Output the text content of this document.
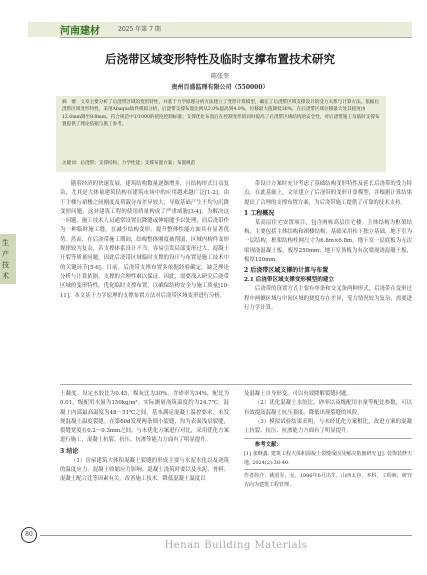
河南建材	2025 年第 7 期
生产技术
后浇带区域变形特性及临时支撑布置技术研究
陈张奎
贵州百盛监理有限公司（550000）

摘　要：文章主要分析了后浇带区域的变形特性，并基于力学原理分析方法建立了变形计算模型，确定了后浇带区域支撑设计的受力关系与计算方法。依据后浇带区域变形特性，采用Abaqus软件模拟分析，后浇带支撑布置比例从2.0%提高到4.0%，位移最大值降低30%，在后浇带区域位移最大处其挠度由12.6mm降至8.8mm，符合规范中1/1000的挠度控制标准；支撑优化布置后在控制变形的同时提高了后浇带区域结构的安全性，对后浇带施工及临时支撑布置提供了理论依据与施工参考。

关键词：后浇带；支撑结构；力学性能；支撑布置方案；布置规范

随着经济的快速发展，建筑结构数量逐渐增多，且结构形式日益复杂，尤其是大体量建筑结构在建筑市场中的应用越来越广泛[1-2]。由于主楼与裙楼之间刚度及荷载分布差异较大，导致基础产生不均匀沉降变形问题，这对建筑工程的使用质量构成了严重威胁[3-4]。为解决这一问题，施工技术人员通常设置沉降缝或伸缩缝予以处理，而后浇带作为一种临时施工缝，在减少结构变形、提升整体性能方面具有显著优势。然而，在后浇带施工期间，结构整体刚度被削弱，区域内构件变形规律较为复杂，若支撑体系设计不当，容易引发局部变形过大、混凝土开裂等质量问题，因此后浇带区域临时支撑的设计与布置是施工技术中的关键环节[5-6]。目前，后浇带支撑布置多依据经验确定，缺乏理论分析与计算依据，支撑的合理性难以保证。因此，需要深入研究后浇带区域的变形特性，优化临时支撑布置，以确保结构安全与施工质量[10-11]。本文基于力学原理的支撑布置方法对后浇带区域变形进行分析。

带设计方案时充分考虑了基础结构变形特性及延长后浇带的受力特点。在此基础上，文章建立了后浇带的变形计算模型，并根据计算结果提出了合理的支撑布置方案，为后浇带施工提供了可靠的技术支持。

1 工程概况

某高层住宅安置项目，包含两栋高层住宅楼。主体结构为框架结构，主要包括主体结构和裙楼结构，基础采用柱下独立基础，地下室为一层结构，框架结构柱网尺寸为6.8m×6.8m，地下室一层底板为无次梁现浇混凝土板，板厚250mm；地下室顶板为有次梁现浇混凝土板，板厚120mm。

2 后浇带区域支撑的计算与布置
2.1 后浇带区域支撑变形模型的建立

后浇带的设置方式主要有单条和交叉条两种形式，后浇带在变形过程中两侧区域与中间区域的挠度存在差异，受力情况较为复杂，需要进行力学计算。

土凝度。设定水胶比为0.45，煤灰比为30%，含砂率为34%，配比为0.01，级配用水量为150kg/m³。实际测量浇筑温度约为24.7℃，混凝土内部最高温度为48～51℃之间，基本满足混凝土温控要求，未发现混凝土温度裂缝。在第60d发现两条细小裂缝，均为表面浅层裂缝，裂缝宽度在0.2～0.3mm之间。与未优化方案进行对比，采用优化方案进行施工，混凝土抗裂、抗压、抗渗等能力方面有了明显提升。

3 结论

（1）房屋建筑大体积混凝土裂缝的形成主要与水泥水化以及浇筑的温度应力、混凝土收缩应力影响。混凝土浇筑时要以及水泥、骨料、混凝土配合比等因素有关，改善施工技术，降低混凝土温度以

及混凝土自身形变，可以有效降解裂缝问题。

（2）优化混凝土水胶比、砂率以及级配用水量等配比参数，可以有效提高混凝土抗压强度，降低出现裂缝的风险。

（3）模拟试验结果表明，与未经优化方案相比，改进方案的混凝土抗裂、抗压、抗渗能力方面有了明显提升。

参考文献：

[1] 张继鑫. 建筑工程大体积混凝土裂缝成因及解决措施研究 [J]. 装饰装修天地, 2024(2):38-40.

作者简介：姚国军，女，1986年6月出生，山西太谷，本科，工程师，研究方向为建筑工程管理。

80
Henan Building Materials
